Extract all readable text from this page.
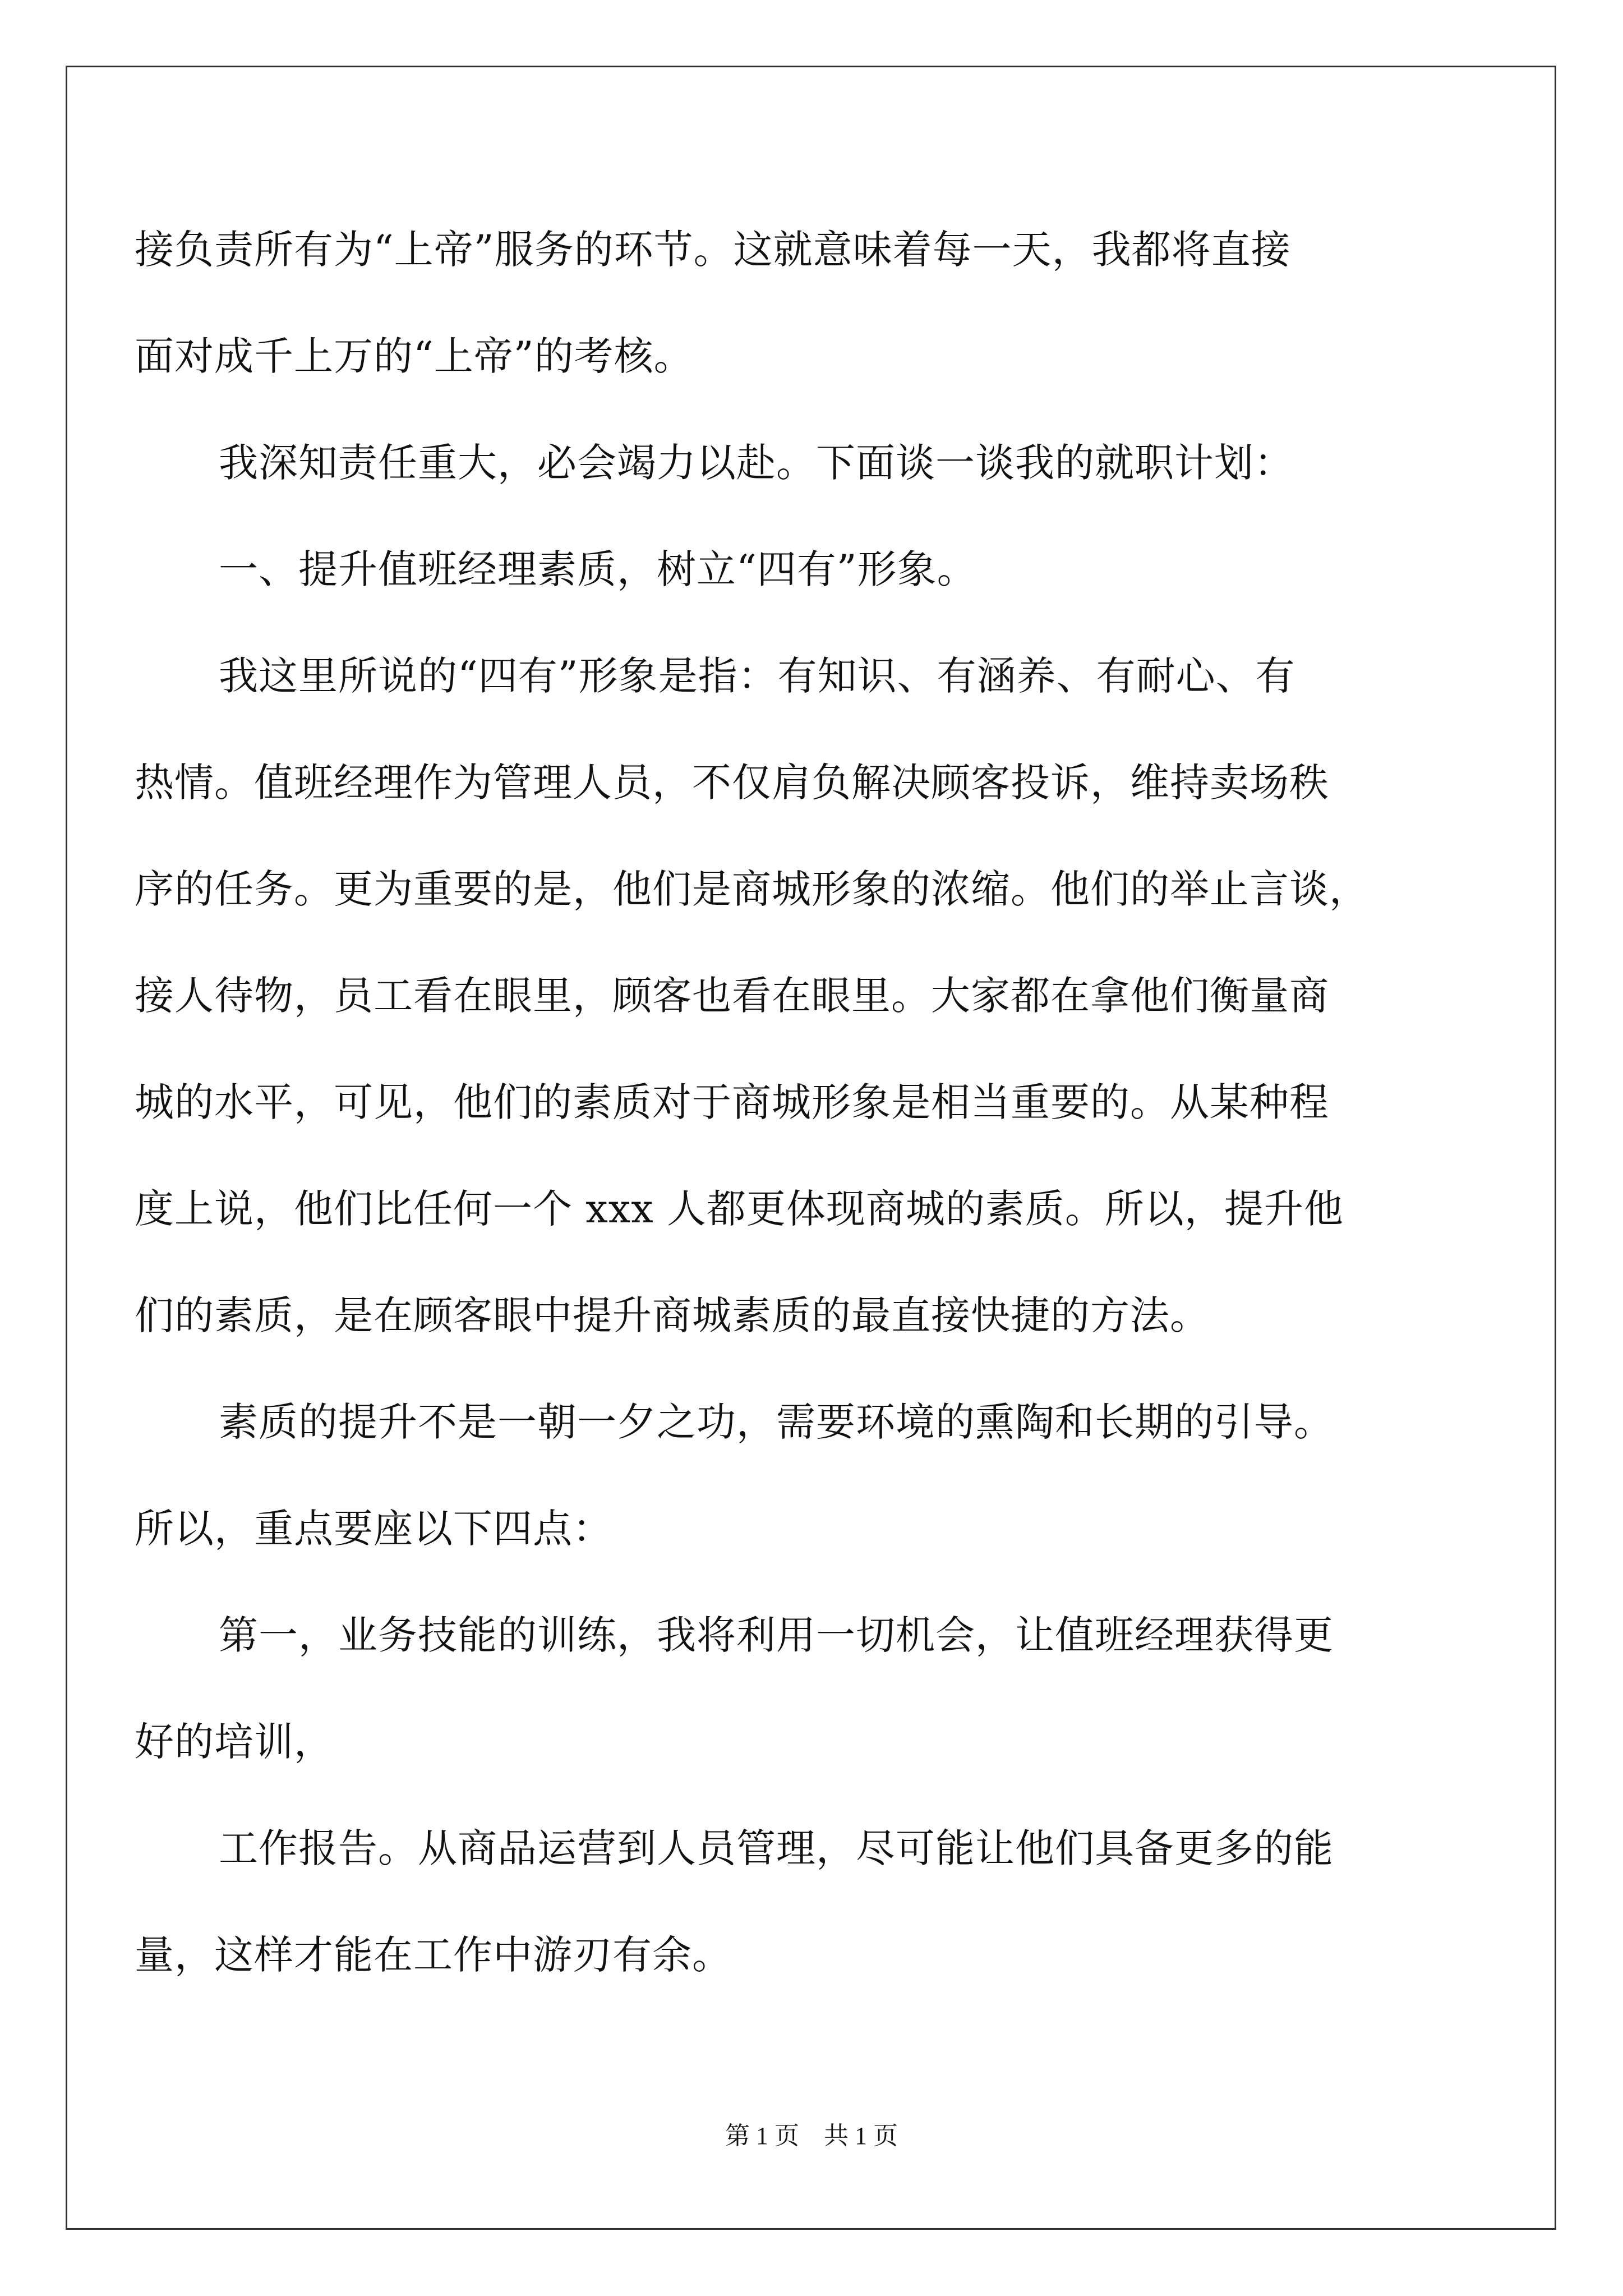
接负责所有为“上帝”服务的环节。这就意味着每一天，我都将直接
面对成千上万的“上帝”的考核。
我深知责任重大，必会竭力以赴。下面谈一谈我的就职计划：
一、提升值班经理素质，树立“四有”形象。
我这里所说的“四有”形象是指：有知识、有涵养、有耐心、有
热情。值班经理作为管理人员，不仅肩负解决顾客投诉，维持卖场秩
序的任务。更为重要的是，他们是商城形象的浓缩。他们的举止言谈，
接人待物，员工看在眼里，顾客也看在眼里。大家都在拿他们衡量商
城的水平，可见，他们的素质对于商城形象是相当重要的。从某种程
度上说，他们比任何一个 xxx 人都更体现商城的素质。所以，提升他
们的素质，是在顾客眼中提升商城素质的最直接快捷的方法。
素质的提升不是一朝一夕之功，需要环境的熏陶和长期的引导。
所以，重点要座以下四点：
第一，业务技能的训练，我将利用一切机会，让值班经理获得更
好的培训，
工作报告。从商品运营到人员管理，尽可能让他们具备更多的能
量，这样才能在工作中游刃有余。
第 1 页　共 1 页
